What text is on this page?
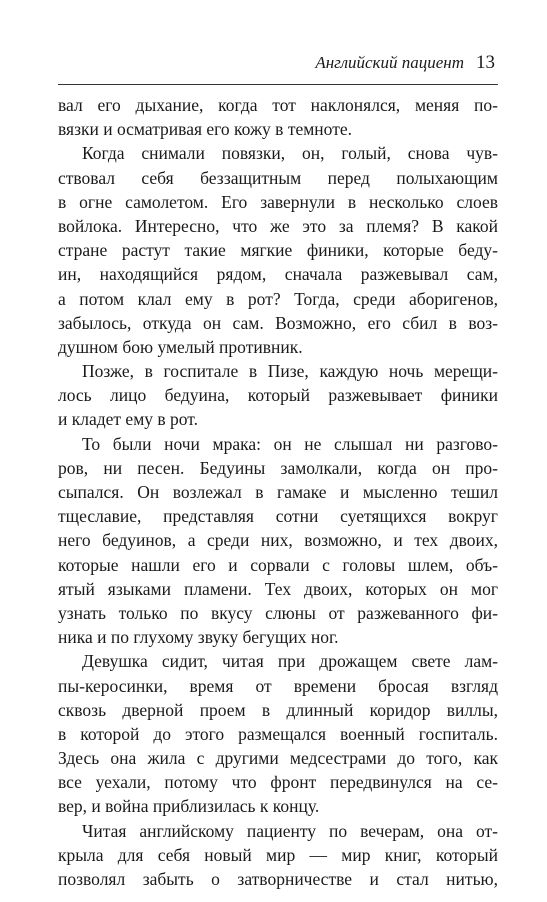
Английский пациент 13
вал его дыхание, когда тот наклонялся, меняя по-
вязки и осматривая его кожу в темноте.
Когда снимали повязки, он, голый, снова чув-
ствовал себя беззащитным перед полыхающим
в огне самолетом. Его завернули в несколько слоев
войлока. Интересно, что же это за племя? В какой
стране растут такие мягкие финики, которые беду-
ин, находящийся рядом, сначала разжевывал сам,
а потом клал ему в рот? Тогда, среди аборигенов,
забылось, откуда он сам. Возможно, его сбил в воз-
душном бою умелый противник.
Позже, в госпитале в Пизе, каждую ночь мерещи-
лось лицо бедуина, который разжевывает финики
и кладет ему в рот.
То были ночи мрака: он не слышал ни разгово-
ров, ни песен. Бедуины замолкали, когда он про-
сыпался. Он возлежал в гамаке и мысленно тешил
тщеславие, представляя сотни суетящихся вокруг
него бедуинов, а среди них, возможно, и тех двоих,
которые нашли его и сорвали с головы шлем, объ-
ятый языками пламени. Тех двоих, которых он мог
узнать только по вкусу слюны от разжеванного фи-
ника и по глухому звуку бегущих ног.
Девушка сидит, читая при дрожащем свете лам-
пы-керосинки, время от времени бросая взгляд
сквозь дверной проем в длинный коридор виллы,
в которой до этого размещался военный госпиталь.
Здесь она жила с другими медсестрами до того, как
все уехали, потому что фронт передвинулся на се-
вер, и война приблизилась к концу.
Читая английскому пациенту по вечерам, она от-
крыла для себя новый мир — мир книг, который
позволял забыть о затворничестве и стал нитью,
